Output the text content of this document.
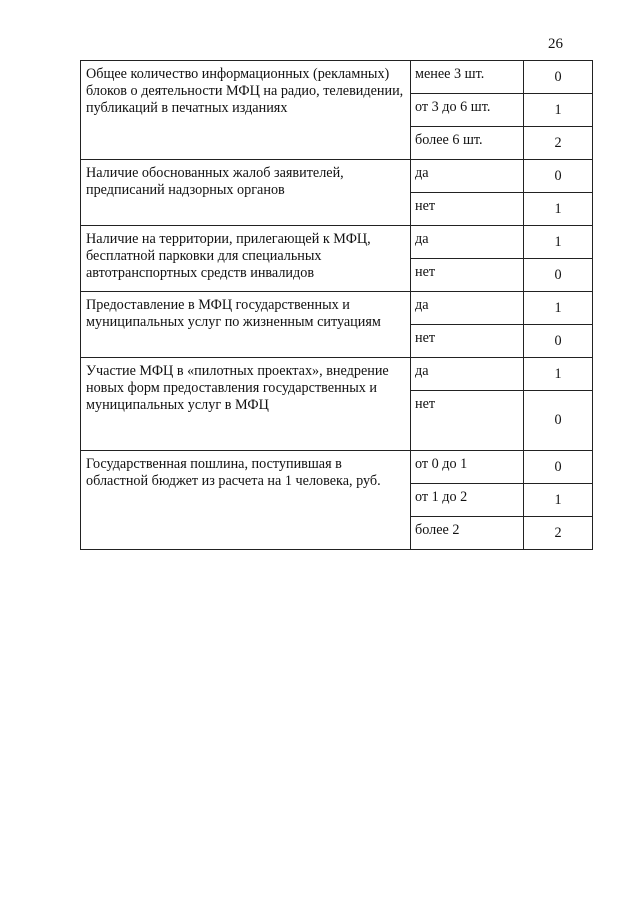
26
Общее количество информационных (рекламных) блоков о деятельности МФЦ на радио, телевидении, публикаций в печатных изданиях	менее 3 шт.	0
	от 3 до 6 шт.	1
	более 6 шт.	2
Наличие обоснованных жалоб заявителей, предписаний надзорных органов	да	0
	нет	1
Наличие на территории, прилегающей к МФЦ, бесплатной парковки для специальных автотранспортных средств инвалидов	да	1
	нет	0
Предоставление в МФЦ государственных и муниципальных услуг по жизненным ситуациям	да	1
	нет	0
Участие МФЦ в «пилотных проектах», внедрение новых форм предоставления государственных и муниципальных услуг в МФЦ	да	1
	нет	0
Государственная пошлина, поступившая в областной бюджет из расчета на 1 человека, руб.	от 0 до 1	0
	от 1 до 2	1
	более 2	2
